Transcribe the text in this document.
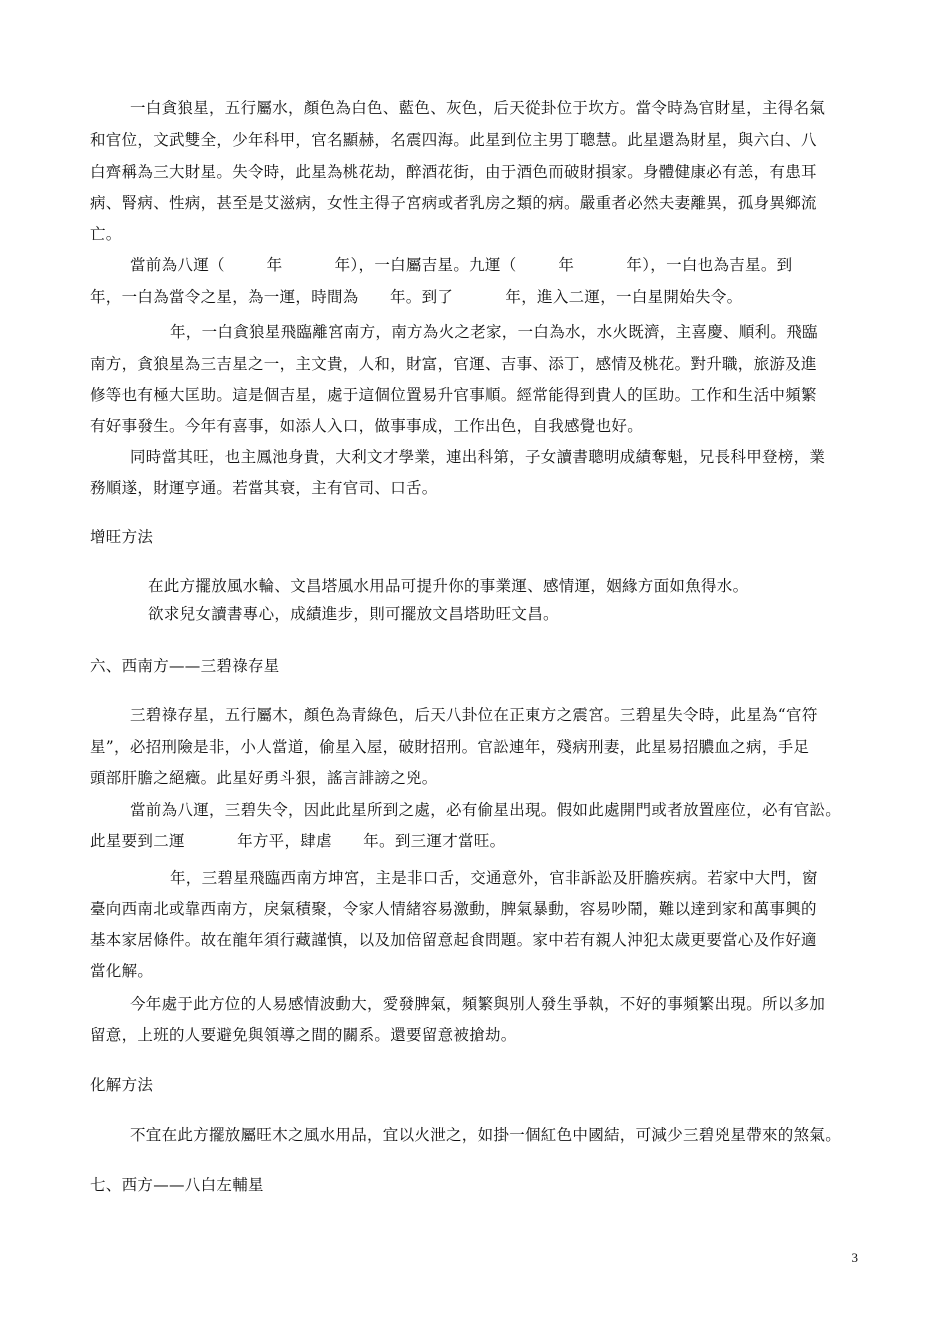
一白貪狼星，五行屬水，顏色為白色、藍色、灰色，后天從卦位于坎方。當令時為官財星，主得名氣
和官位，文武雙全，少年科甲，官名顯赫，名震四海。此星到位主男丁聰慧。此星還為財星，與六白、八
白齊稱為三大財星。失令時，此星為桃花劫，醉酒花街，由于酒色而破財損家。身體健康必有恙，有患耳
病、腎病、性病，甚至是艾滋病，女性主得子宮病或者乳房之類的病。嚴重者必然夫妻離異，孤身異鄉流
亡。
當前為八運（        年          年），一白屬吉星。九運（        年          年），一白也為吉星。到
年，一白為當令之星，為一運，時間為      年。到了          年，進入二運，一白星開始失令。
年，一白貪狼星飛臨離宮南方，南方為火之老家，一白為水，水火既濟，主喜慶、順利。飛臨
南方，貪狼星為三吉星之一，主文貴，人和，財富，官運、吉事、添丁，感情及桃花。對升職，旅游及進
修等也有極大匡助。這是個吉星，處于這個位置易升官事順。經常能得到貴人的匡助。工作和生活中頻繁
有好事發生。今年有喜事，如添人入口，做事事成，工作出色，自我感覺也好。
同時當其旺，也主鳳池身貴，大利文才學業，連出科第，子女讀書聰明成績奪魁，兄長科甲登榜，業
務順遂，財運亨通。若當其衰，主有官司、口舌。
增旺方法
在此方擺放風水輪、文昌塔風水用品可提升你的事業運、感情運，姻緣方面如魚得水。
欲求兒女讀書專心，成績進步，則可擺放文昌塔助旺文昌。
六、西南方——三碧祿存星
三碧祿存星，五行屬木，顏色為青綠色，后天八卦位在正東方之震宮。三碧星失令時，此星為“官符
星”，必招刑險是非，小人當道，偷星入屋，破財招刑。官訟連年，殘病刑妻，此星易招膿血之病，手足
頭部肝膽之絕癥。此星好勇斗狠，謠言誹謗之兇。
當前為八運，三碧失令，因此此星所到之處，必有偷星出現。假如此處開門或者放置座位，必有官訟。
此星要到二運          年方平，肆虐      年。到三運才當旺。
年，三碧星飛臨西南方坤宮，主是非口舌，交通意外，官非訴訟及肝膽疾病。若家中大門，窗
臺向西南北或靠西南方，戾氣積聚，令家人情緒容易激動，脾氣暴動，容易吵鬧，難以達到家和萬事興的
基本家居條件。故在龍年須行藏謹慎，以及加倍留意起食問題。家中若有親人沖犯太歲更要當心及作好適
當化解。
今年處于此方位的人易感情波動大，愛發脾氣，頻繁與別人發生爭執，不好的事頻繁出現。所以多加
留意，上班的人要避免與領導之間的關系。還要留意被搶劫。
化解方法
不宜在此方擺放屬旺木之風水用品，宜以火泄之，如掛一個紅色中國結，可減少三碧兇星帶來的煞氣。
七、西方——八白左輔星
3
